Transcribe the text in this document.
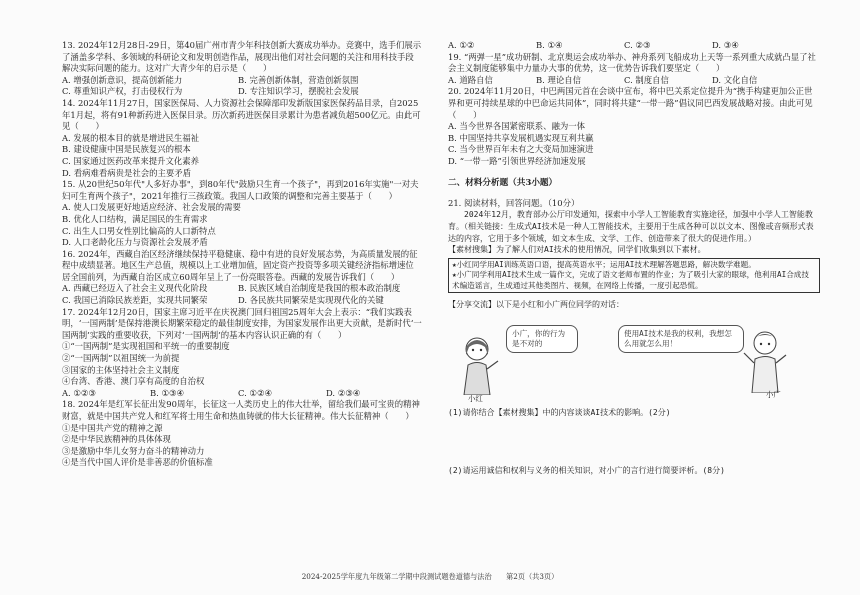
13. 2024年12月28日-29日，第40届广州市青少年科技创新大赛成功举办。竞赛中，选手们展示了涵盖多学科、多领域的科研论文和发明创造作品，展现出他们对社会问题的关注和用科技手段解决实际问题的能力。这对广大青少年的启示是（　　）

A. 增强创新意识，提高创新能力	B. 完善创新体制，营造创新氛围
C. 尊重知识产权，打击侵权行为	D. 专注知识学习，摆脱社会发展

14. 2024年11月27日，国家医保局、人力资源社会保障部印发新版国家医保药品目录，自2025年1月起，将有91种新药进入医保目录。历次新药进医保目录累计为患者减负超500亿元。由此可见（　　）

A. 发展的根本目的就是增进民生福祉

B. 建设健康中国是民族复兴的根本

C. 国家通过医药改革来提升文化素养

D. 看病难看病贵是社会的主要矛盾

15. 从20世纪50年代"人多好办事"，到80年代"鼓励只生育一个孩子"，再到2016年实施"一对夫妇可生育两个孩子"，2021年推行三孩政策。我国人口政策的调整和完善主要基于（　　）

A. 使人口发展更好地适应经济、社会发展的需要

B. 优化人口结构，满足国民的生育需求

C. 出生人口男女性别比偏高的人口新特点

D. 人口老龄化压力与资源社会发展矛盾

16. 2024年，西藏自治区经济继续保持平稳健康、稳中有进的良好发展态势，为高质量发展的征程中成绩显著。地区生产总值，规模以上工业增加值，固定资产投资等多项关键经济指标增速位居全国前列，为西藏自治区成立60周年呈上了一份亮眼答卷。西藏的发展告诉我们（　　）

A. 西藏已经迈入了社会主义现代化阶段	B. 民族区域自治制度是我国的根本政治制度
C. 我国已消除民族差距，实现共同繁荣	D. 各民族共同繁荣是实现现代化的关键

17. 2024年12月20日，国家主席习近平在庆祝澳门回归祖国25周年大会上表示：“我们实践表明，‘一国两制’是保持港澳长期繁荣稳定的最佳制度安排，为国家发展作出更大贡献，是新时代‘一国两制’实践的重要收获，下列对‘一国两制’的基本内容认识正确的有（　　）

①“一国两制”是实现祖国和平统一的重要制度

②“一国两制”以祖国统一为前提

③国家的主体坚持社会主义制度

④台湾、香港、澳门享有高度的自治权

A. ①②③	B. ①③④	C. ①②④	D. ②③④

18. 2024年是红军长征出发90周年，长征这一人类历史上的伟大壮举，留给我们最可宝贵的精神财富，就是中国共产党人和红军将士用生命和热血铸就的伟大长征精神。伟大长征精神（　　）

①是中国共产党的精神之源

②是中华民族精神的具体体现

③是激励中华儿女努力奋斗的精神动力

④是当代中国人评价是非善恶的价值标准

A. ①②	B. ①④	C. ②③	D. ③④

19. “两弹一星”成功研制、北京奥运会成功举办、神舟系列飞船成功上天等一系列重大成就凸显了社会主义制度能够集中力量办大事的优势，这一优势告诉我们要坚定（　　）

A. 道路自信	B. 理论自信	C. 制度自信	D. 文化自信

20. 2024年11月20日，中巴两国元首在会谈中宣布，将中巴关系定位提升为“携手构建更加公正世界和更可持续星球的中巴命运共同体”，同时将共建“一带一路”倡议同巴西发展战略对接。由此可见（　　）

A. 当今世界各国紧密联系、融为一体

B. 中国坚持共享发展机遇实现互利共赢

C. 当今世界百年未有之大变局加速演进

D. “一带一路”引领世界经济加速发展

二、材料分析题（共3小题）

21. 阅读材料，回答问题。（10分）

2024年12月，教育部办公厅印发通知，探索中小学人工智能教育实施途径，加强中小学人工智能教育。（相关链接：生成式AI技术是一种人工智能技术，主要用于生成各种可以以文本、图像或音频形式表达的内容，它用于多个领域，如文本生成、文学、工作、创造带来了很大的促进作用。）

【素材搜集】为了解人们对AI技术的使用情况，同学们收集到以下素材。

★小红同学用AI训练英语口语，提高英语水平；运用AI技术理解答题思路，解决数学难题。

★小广同学利用AI技术生成一篇作文，完成了语文老师布置的作业；为了吸引大家的眼球，他利用AI合成技术编造谣言，生成通过其他类图片、视频，在网络上传播，一度引起恐慌。

【分享交流】以下是小红和小广两位同学的对话：

小红
小广，你的行为是不对的
使用AI技术是我的权利，我想怎么用就怎么用！
小广

(1)请你结合【素材搜集】中的内容谈谈AI技术的影响。(2分)

(2)请运用诚信和权利与义务的相关知识，对小广的言行进行简要评析。(8分)

2024-2025学年度九年级第二学期中段测试题卷道德与法治　　第2页（共3页）
